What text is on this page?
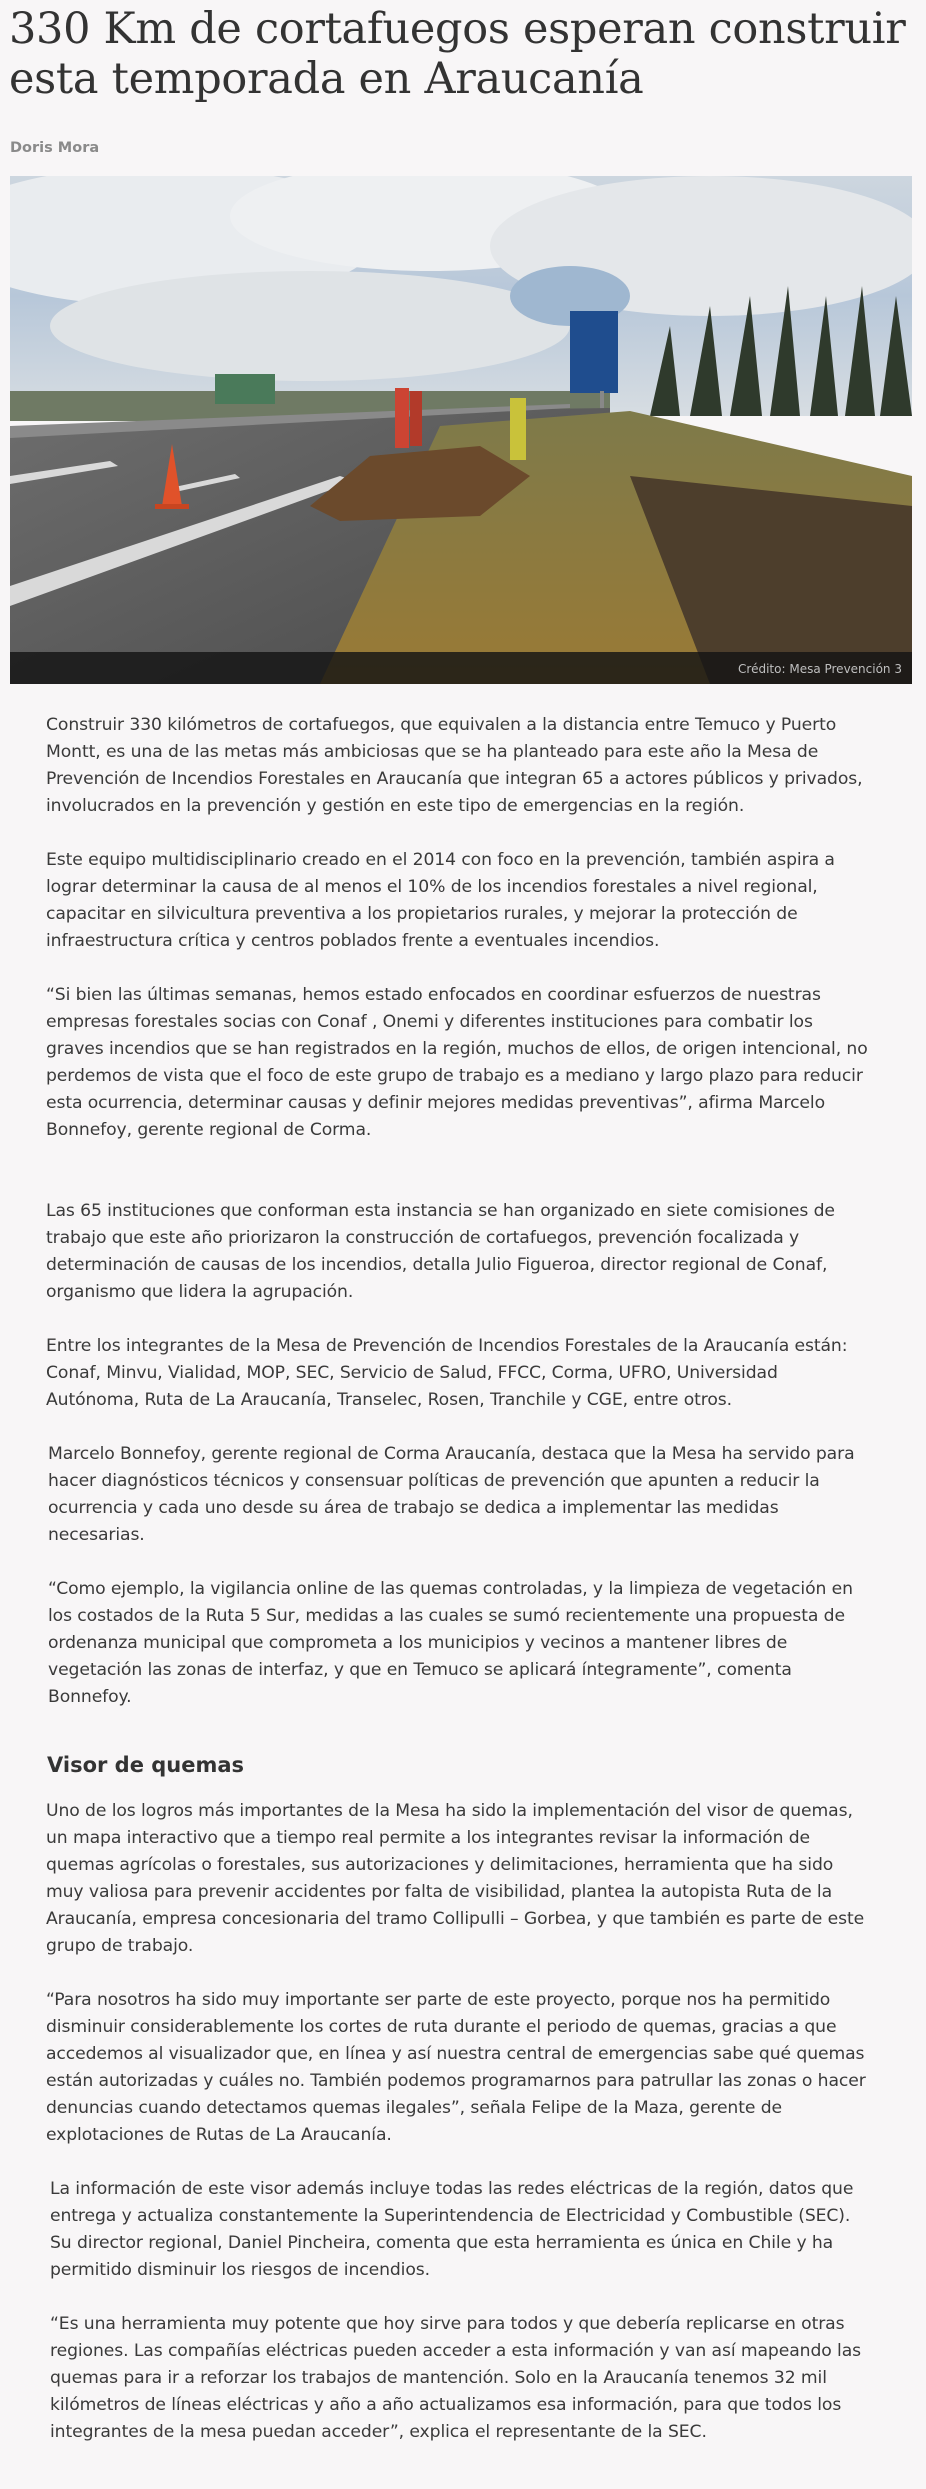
330 Km de cortafuegos esperan construir esta temporada en Araucanía
Doris Mora
Crédito: Mesa Prevención 3

Construir 330 kilómetros de cortafuegos, que equivalen a la distancia entre Temuco y Puerto Montt, es una de las metas más ambiciosas que se ha planteado para este año la Mesa de Prevención de Incendios Forestales en Araucanía que integran 65 a actores públicos y privados, involucrados en la prevención y gestión en este tipo de emergencias en la región.

Este equipo multidisciplinario creado en el 2014 con foco en la prevención, también aspira a lograr determinar la causa de al menos el 10% de los incendios forestales a nivel regional, capacitar en silvicultura preventiva a los propietarios rurales, y mejorar la protección de infraestructura crítica y centros poblados frente a eventuales incendios.

“Si bien las últimas semanas, hemos estado enfocados en coordinar esfuerzos de nuestras empresas forestales socias con Conaf , Onemi y diferentes instituciones para combatir los graves incendios que se han registrados en la región, muchos de ellos, de origen intencional, no perdemos de vista que el foco de este grupo de trabajo es a mediano y largo plazo para reducir esta ocurrencia, determinar causas y definir mejores medidas preventivas”, afirma Marcelo Bonnefoy, gerente regional de Corma.

Las 65 instituciones que conforman esta instancia se han organizado en siete comisiones de trabajo que este año priorizaron la construcción de cortafuegos, prevención focalizada y determinación de causas de los incendios, detalla Julio Figueroa, director regional de Conaf, organismo que lidera la agrupación.

Entre los integrantes de la Mesa de Prevención de Incendios Forestales de la Araucanía están: Conaf, Minvu, Vialidad, MOP, SEC, Servicio de Salud, FFCC, Corma, UFRO, Universidad Autónoma, Ruta de La Araucanía, Transelec, Rosen, Tranchile y CGE, entre otros.

Marcelo Bonnefoy, gerente regional de Corma Araucanía, destaca que la Mesa ha servido para hacer diagnósticos técnicos y consensuar políticas de prevención que apunten a reducir la ocurrencia y cada uno desde su área de trabajo se dedica a implementar las medidas necesarias.

“Como ejemplo, la vigilancia online de las quemas controladas, y la limpieza de vegetación en los costados de la Ruta 5 Sur, medidas a las cuales se sumó recientemente una propuesta de ordenanza municipal que comprometa a los municipios y vecinos a mantener libres de vegetación las zonas de interfaz, y que en Temuco se aplicará íntegramente”, comenta Bonnefoy.

Visor de quemas

Uno de los logros más importantes de la Mesa ha sido la implementación del visor de quemas, un mapa interactivo que a tiempo real permite a los integrantes revisar la información de quemas agrícolas o forestales, sus autorizaciones y delimitaciones, herramienta que ha sido muy valiosa para prevenir accidentes por falta de visibilidad, plantea la autopista Ruta de la Araucanía, empresa concesionaria del tramo Collipulli – Gorbea, y que también es parte de este grupo de trabajo.

“Para nosotros ha sido muy importante ser parte de este proyecto, porque nos ha permitido disminuir considerablemente los cortes de ruta durante el periodo de quemas, gracias a que accedemos al visualizador que, en línea y así nuestra central de emergencias sabe qué quemas están autorizadas y cuáles no. También podemos programarnos para patrullar las zonas o hacer denuncias cuando detectamos quemas ilegales”, señala Felipe de la Maza, gerente de explotaciones de Rutas de La Araucanía.

La información de este visor además incluye todas las redes eléctricas de la región, datos que entrega y actualiza constantemente la Superintendencia de Electricidad y Combustible (SEC). Su director regional, Daniel Pincheira, comenta que esta herramienta es única en Chile y ha permitido disminuir los riesgos de incendios.

“Es una herramienta muy potente que hoy sirve para todos y que debería replicarse en otras regiones. Las compañías eléctricas pueden acceder a esta información y van así mapeando las quemas para ir a reforzar los trabajos de mantención. Solo en la Araucanía tenemos 32 mil kilómetros de líneas eléctricas y año a año actualizamos esa información, para que todos los integrantes de la mesa puedan acceder”, explica el representante de la SEC.
